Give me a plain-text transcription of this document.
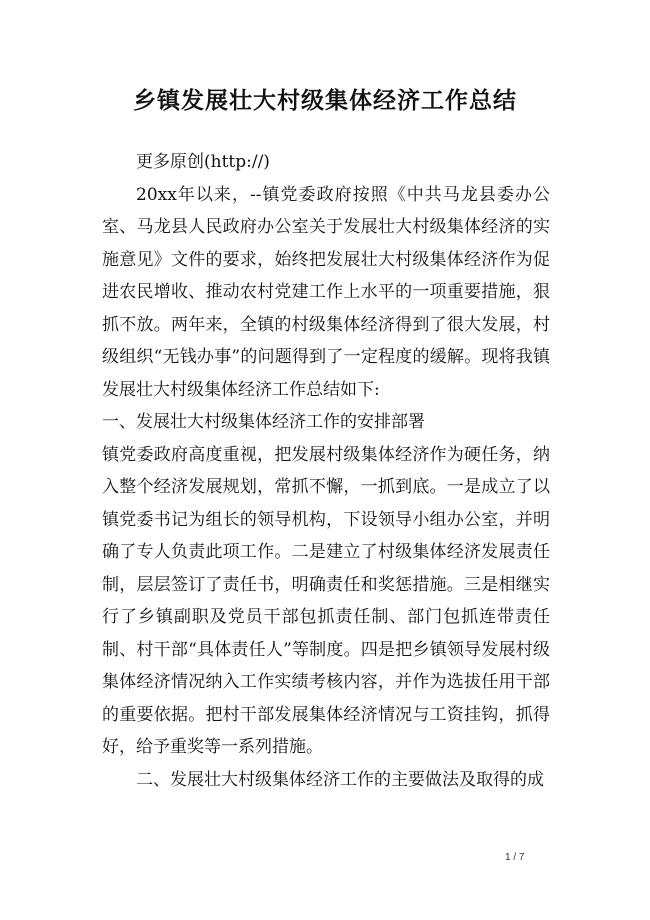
乡镇发展壮大村级集体经济工作总结

更多原创(http://)

20xx年以来，--镇党委政府按照《中共马龙县委办公室、马龙县人民政府办公室关于发展壮大村级集体经济的实施意见》文件的要求，始终把发展壮大村级集体经济作为促进农民增收、推动农村党建工作上水平的一项重要措施，狠抓不放。两年来，全镇的村级集体经济得到了很大发展，村级组织“无钱办事”的问题得到了一定程度的缓解。现将我镇发展壮大村级集体经济工作总结如下:

一、发展壮大村级集体经济工作的安排部署

镇党委政府高度重视，把发展村级集体经济作为硬任务，纳入整个经济发展规划，常抓不懈，一抓到底。一是成立了以镇党委书记为组长的领导机构，下设领导小组办公室，并明确了专人负责此项工作。二是建立了村级集体经济发展责任制，层层签订了责任书，明确责任和奖惩措施。三是相继实行了乡镇副职及党员干部包抓责任制、部门包抓连带责任制、村干部“具体责任人”等制度。四是把乡镇领导发展村级集体经济情况纳入工作实绩考核内容，并作为选拔任用干部的重要依据。把村干部发展集体经济情况与工资挂钩，抓得好，给予重奖等一系列措施。

二、发展壮大村级集体经济工作的主要做法及取得的成

1 / 7
